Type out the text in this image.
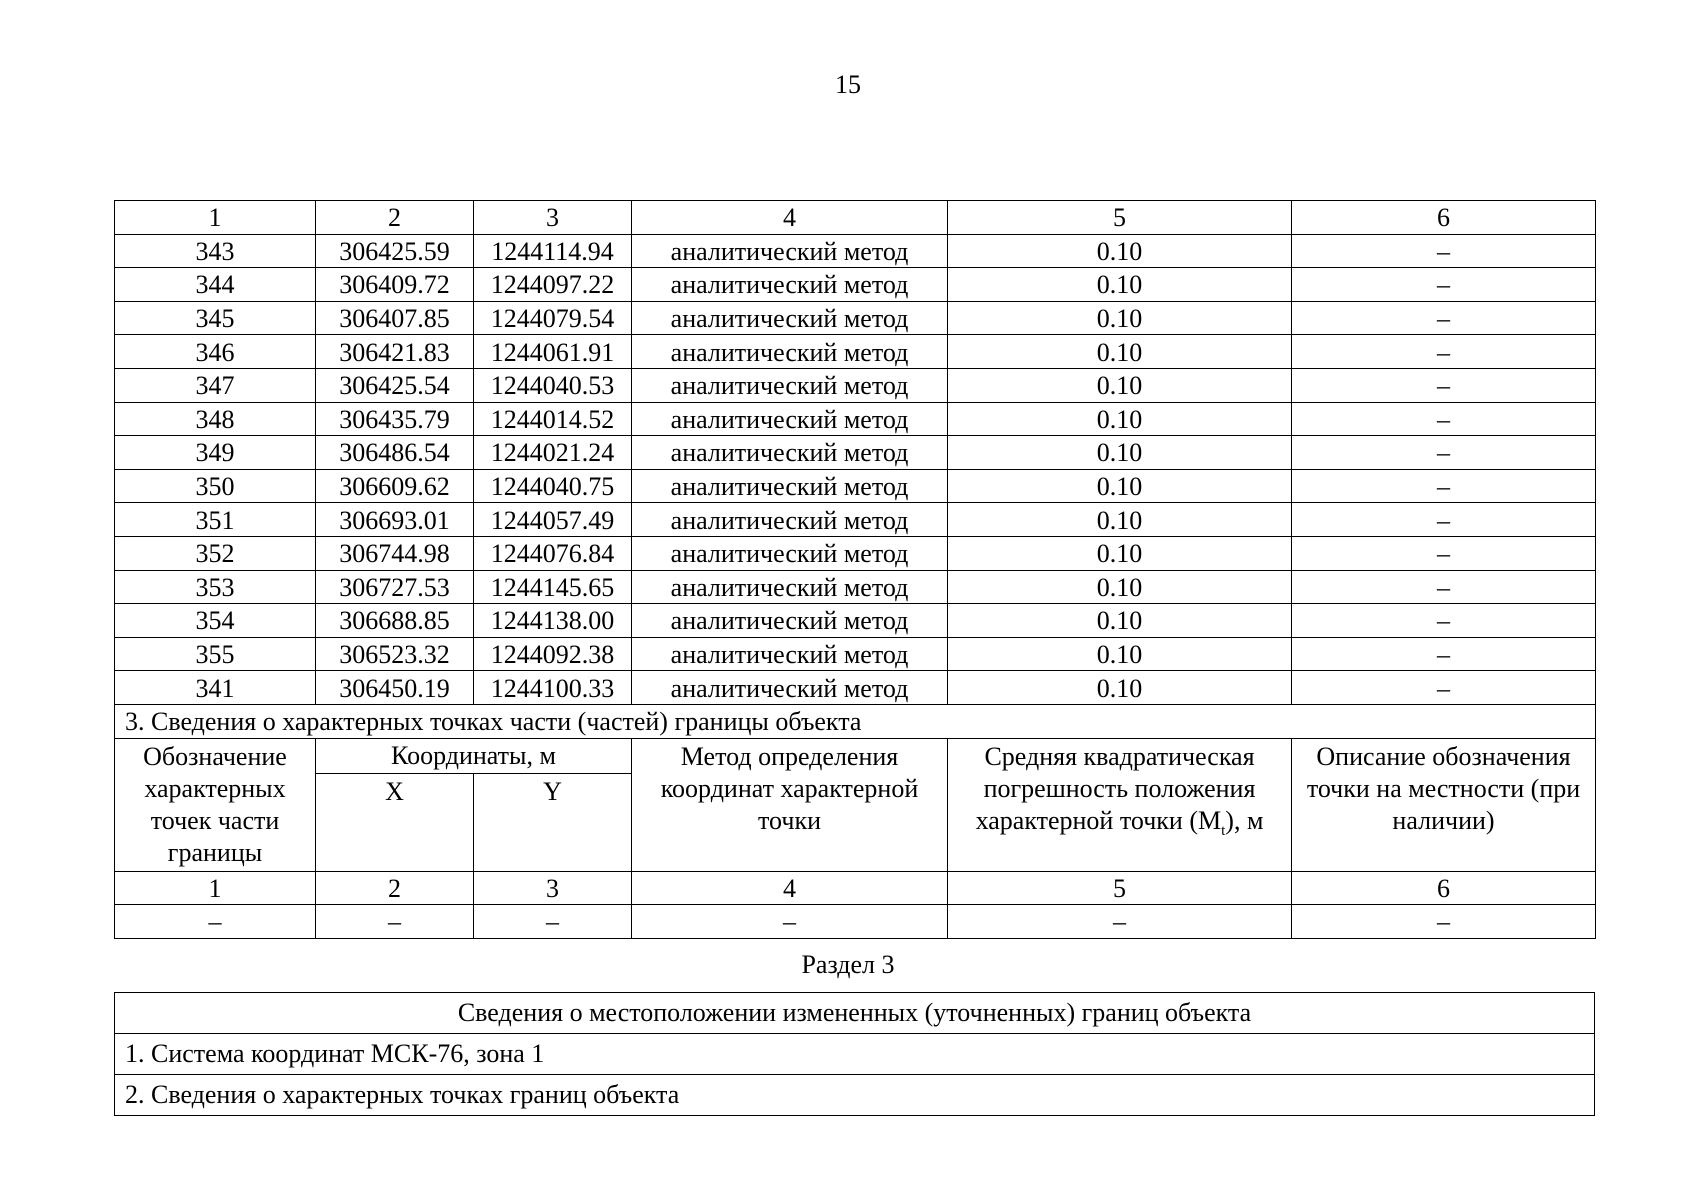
15
1	2	3	4	5	6
343	306425.59	1244114.94	аналитический метод	0.10	–
344	306409.72	1244097.22	аналитический метод	0.10	–
345	306407.85	1244079.54	аналитический метод	0.10	–
346	306421.83	1244061.91	аналитический метод	0.10	–
347	306425.54	1244040.53	аналитический метод	0.10	–
348	306435.79	1244014.52	аналитический метод	0.10	–
349	306486.54	1244021.24	аналитический метод	0.10	–
350	306609.62	1244040.75	аналитический метод	0.10	–
351	306693.01	1244057.49	аналитический метод	0.10	–
352	306744.98	1244076.84	аналитический метод	0.10	–
353	306727.53	1244145.65	аналитический метод	0.10	–
354	306688.85	1244138.00	аналитический метод	0.10	–
355	306523.32	1244092.38	аналитический метод	0.10	–
341	306450.19	1244100.33	аналитический метод	0.10	–
3. Сведения о характерных точках части (частей) границы объекта					
Обозначение характерных точек части границы	Координаты, м		Метод определения координат характерной точки	Средняя квадратическая погрешность положения характерной точки $(M_t)$, м	Описание обозначения точки на местности (при наличии)
	X	Y			
1	2	3	4	5	6
–	–	–	–	–	–
Раздел 3
Сведения о местоположении измененных (уточненных) границ объекта
1. Система координат МСК-76, зона 1
2. Сведения о характерных точках границ объекта
